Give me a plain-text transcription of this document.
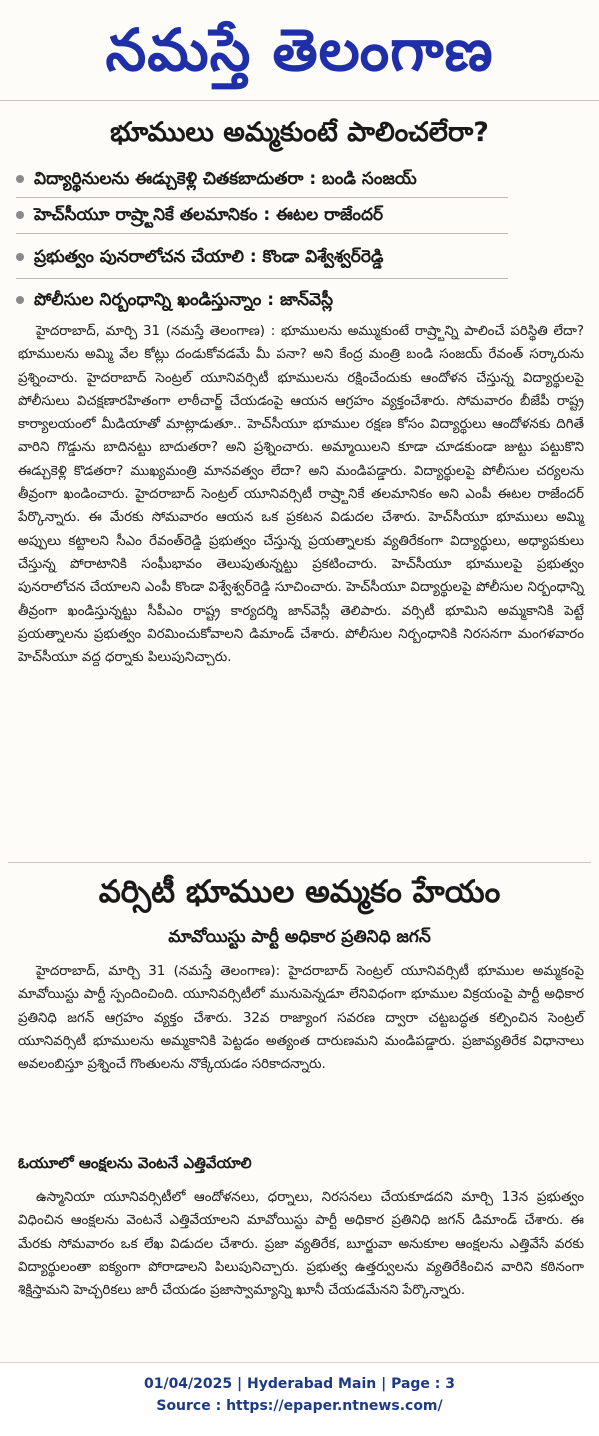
నమస్తే తెలంగాణ
భూములు అమ్మకుంటే పాలించలేరా?
విద్యార్థినులను ఈడ్చుకెళ్లి చితకబాదుతరా : బండి సంజయ్
హెచ్‌సీయూ రాష్ర్టానికే తలమానికం : ఈటల రాజేందర్
ప్రభుత్వం పునరాలోచన చేయాలి : కొండా విశ్వేశ్వర్‌రెడ్డి
పోలీసుల నిర్బంధాన్ని ఖండిస్తున్నాం : జాన్‌వెస్లీ

హైదరాబాద్, మార్చి 31 (నమస్తే తెలంగాణ) : భూములను అమ్ముకుంటే రాష్ర్టాన్ని పాలించే పరిస్థితి లేదా? భూములను అమ్మి వేల కోట్లు దండుకోవడమే మీ పనా? అని కేంద్ర మంత్రి బండి సంజయ్ రేవంత్ సర్కారును ప్రశ్నించారు. హైదరాబాద్ సెంట్రల్ యూనివర్సిటీ భూములను రక్షించేందుకు ఆందోళన చేస్తున్న విద్యార్థులపై పోలీసులు విచక్షణారహితంగా లాఠీచార్జ్ చేయడంపై ఆయన ఆగ్రహం వ్యక్తంచేశారు. సోమవారం బీజేపీ రాష్ట్ర కార్యాలయంలో మీడియాతో మాట్లాడుతూ.. హెచ్‌సీయూ భూముల రక్షణ కోసం విద్యార్థులు ఆందోళనకు దిగితే వారిని గొడ్డును బాదినట్టు బాదుతరా? అని ప్రశ్నించారు. అమ్మాయిలని కూడా చూడకుండా జుట్టు పట్టుకొని ఈడ్చుకెళ్లి కొడతరా? ముఖ్యమంత్రి మానవత్వం లేదా? అని మండిపడ్డారు. విద్యార్థులపై పోలీసుల చర్యలను తీవ్రంగా ఖండించారు. హైదరాబాద్ సెంట్రల్ యూనివర్సిటీ రాష్ర్టానికే తలమానికం అని ఎంపీ ఈటల రాజేందర్ పేర్కొన్నారు. ఈ మేరకు సోమవారం ఆయన ఒక ప్రకటన విడుదల చేశారు. హెచ్‌సీయూ భూములు అమ్మి అప్పులు కట్టాలని సీఎం రేవంత్‌రెడ్డి ప్రభుత్వం చేస్తున్న ప్రయత్నాలకు వ్యతిరేకంగా విద్యార్థులు, అధ్యాపకులు చేస్తున్న పోరాటానికి సంఘీభావం తెలుపుతున్నట్టు ప్రకటించారు. హెచ్‌సీయూ భూములపై ప్రభుత్వం పునరాలోచన చేయాలని ఎంపీ కొండా విశ్వేశ్వర్‌రెడ్డి సూచించారు. హెచ్‌సీయూ విద్యార్థులపై పోలీసుల నిర్బంధాన్ని తీవ్రంగా ఖండిస్తున్నట్టు సీపీఎం రాష్ట్ర కార్యదర్శి జాన్‌వెస్లీ తెలిపారు. వర్సిటీ భూమిని అమ్మకానికి పెట్టే ప్రయత్నాలను ప్రభుత్వం విరమించుకోవాలని డిమాండ్ చేశారు. పోలీసుల నిర్బంధానికి నిరసనగా మంగళవారం హెచ్‌సీయూ వద్ద ధర్నాకు పిలుపునిచ్చారు.

వర్సిటీ భూముల అమ్మకం హేయం
మావోయిస్టు పార్టీ అధికార ప్రతినిధి జగన్

హైదరాబాద్, మార్చి 31 (నమస్తే తెలంగాణ): హైదరాబాద్ సెంట్రల్ యూనివర్సిటీ భూముల అమ్మకంపై మావోయిస్టు పార్టీ స్పందించింది. యూనివర్సిటీలో మునుపెన్నడూ లేనివిధంగా భూముల విక్రయంపై పార్టీ అధికార ప్రతినిధి జగన్ ఆగ్రహం వ్యక్తం చేశారు. 32వ రాజ్యాంగ సవరణ ద్వారా చట్టబద్ధత కల్పించిన సెంట్రల్ యూనివర్సిటీ భూములను అమ్మకానికి పెట్టడం అత్యంత దారుణమని మండిపడ్డారు. ప్రజావ్యతిరేక విధానాలు అవలంబిస్తూ ప్రశ్నించే గొంతులను నొక్కేయడం సరికాదన్నారు.

ఓయూలో ఆంక్షలను వెంటనే ఎత్తివేయాలి

ఉస్మానియా యూనివర్సిటీలో ఆందోళనలు, ధర్నాలు, నిరసనలు చేయకూడదని మార్చి 13న ప్రభుత్వం విధించిన ఆంక్షలను వెంటనే ఎత్తివేయాలని మావోయిస్టు పార్టీ అధికార ప్రతినిధి జగన్ డిమాండ్ చేశారు. ఈ మేరకు సోమవారం ఒక లేఖ విడుదల చేశారు. ప్రజా వ్యతిరేక, బూర్జువా అనుకూల ఆంక్షలను ఎత్తివేసే వరకు విద్యార్థులంతా ఐక్యంగా పోరాడాలని పిలుపునిచ్చారు. ప్రభుత్వ ఉత్తర్వులను వ్యతిరేకించిన వారిని కఠినంగా శిక్షిస్తామని హెచ్చరికలు జారీ చేయడం ప్రజాస్వామ్యాన్ని ఖూనీ చేయడమేనని పేర్కొన్నారు.

01/04/2025 | Hyderabad Main | Page : 3
Source : https://epaper.ntnews.com/
